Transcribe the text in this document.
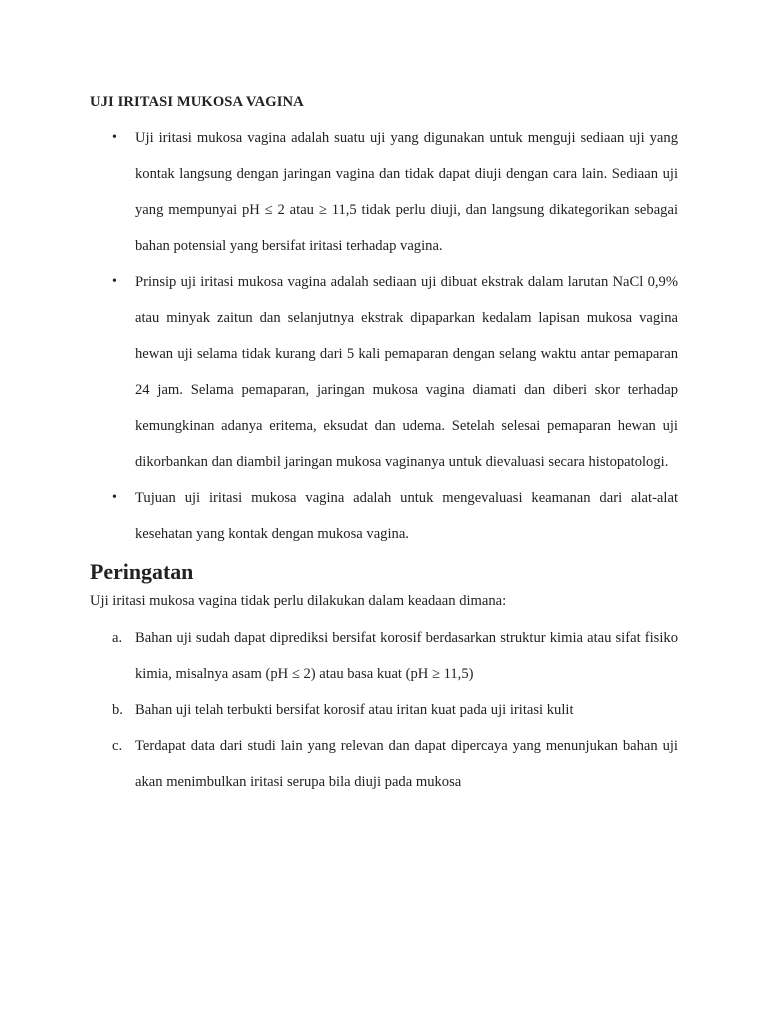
UJI IRITASI MUKOSA VAGINA
• Uji iritasi mukosa vagina adalah suatu uji yang digunakan untuk menguji sediaan uji yang kontak langsung dengan jaringan vagina dan tidak dapat diuji dengan cara lain. Sediaan uji yang mempunyai pH ≤ 2 atau ≥ 11,5 tidak perlu diuji, dan langsung dikategorikan sebagai bahan potensial yang bersifat iritasi terhadap vagina.
• Prinsip uji iritasi mukosa vagina adalah sediaan uji dibuat ekstrak dalam larutan NaCl 0,9% atau minyak zaitun dan selanjutnya ekstrak dipaparkan kedalam lapisan mukosa vagina hewan uji selama tidak kurang dari 5 kali pemaparan dengan selang waktu antar pemaparan 24 jam. Selama pemaparan, jaringan mukosa vagina diamati dan diberi skor terhadap kemungkinan adanya eritema, eksudat dan udema. Setelah selesai pemaparan hewan uji dikorbankan dan diambil jaringan mukosa vaginanya untuk dievaluasi secara histopatologi.
• Tujuan uji iritasi mukosa vagina adalah untuk mengevaluasi keamanan dari alat-alat kesehatan yang kontak dengan mukosa vagina.
Peringatan

Uji iritasi mukosa vagina tidak perlu dilakukan dalam keadaan dimana:

a. Bahan uji sudah dapat diprediksi bersifat korosif berdasarkan struktur kimia atau sifat fisiko kimia, misalnya asam (pH ≤ 2) atau basa kuat (pH ≥ 11,5)
b. Bahan uji telah terbukti bersifat korosif atau iritan kuat pada uji iritasi kulit
c. Terdapat data dari studi lain yang relevan dan dapat dipercaya yang menunjukan bahan uji akan menimbulkan iritasi serupa bila diuji pada mukosa
